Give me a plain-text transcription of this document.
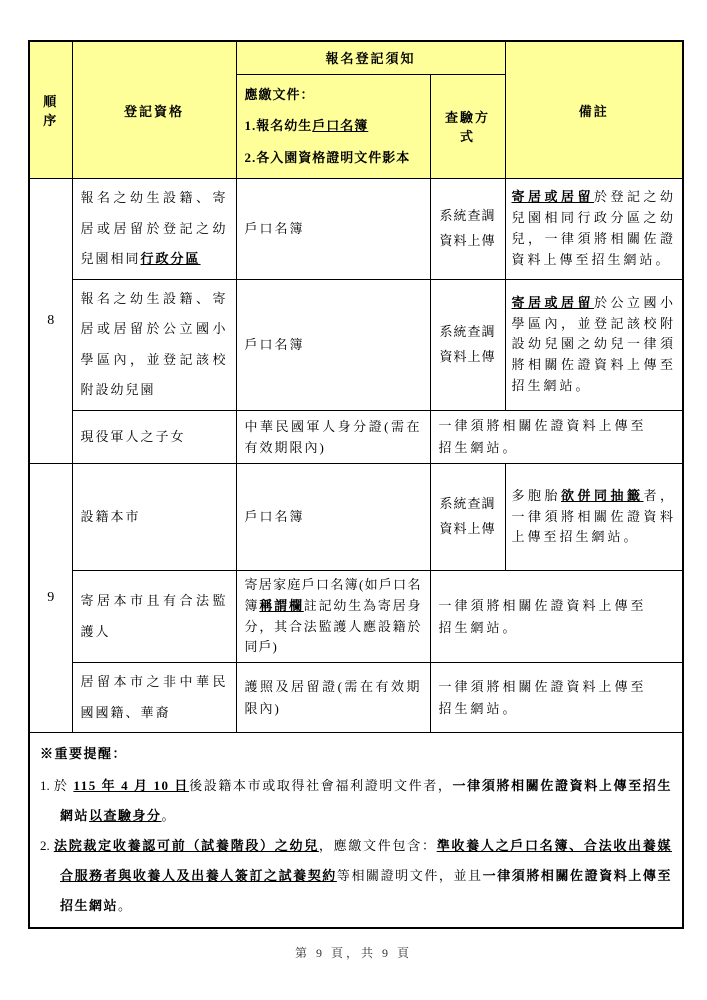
順序	登記資格	報名登記須知		備註

		應繳文件：
1.報名幼生戶口名簿
2.各入園資格證明文件影本	查驗方式	
8	報名之幼生設籍、寄居或居留於登記之幼兒園相同行政分區	戶口名簿	系統查調資料上傳	寄居或居留於登記之幼兒園相同行政分區之幼兒，一律須將相關佐證資料上傳至招生網站。
	報名之幼生設籍、寄居或居留於公立國小學區內，並登記該校附設幼兒園	戶口名簿	系統查調資料上傳	寄居或居留於公立國小學區內，並登記該校附設幼兒園之幼兒一律須將相關佐證資料上傳至招生網站。
	現役軍人之子女	中華民國軍人身分證(需在有效期限內)	一律須將相關佐證資料上傳至招生網站。	
9	設籍本市	戶口名簿	系統查調資料上傳	多胞胎欲併同抽籤者，一律須將相關佐證資料上傳至招生網站。
	寄居本市且有合法監護人	寄居家庭戶口名簿(如戶口名簿稱謂欄註記幼生為寄居身分，其合法監護人應設籍於同戶)	一律須將相關佐證資料上傳至招生網站。	
	居留本市之非中華民國國籍、華裔	護照及居留證(需在有效期限內)	一律須將相關佐證資料上傳至招生網站。	

※重要提醒：
1. 於 115 年 4 月 10 日後設籍本市或取得社會福利證明文件者，一律須將相關佐證資料上傳至招生網站以查驗身分。
2. 法院裁定收養認可前（試養階段）之幼兒，應繳文件包含：準收養人之戶口名簿、合法收出養媒合服務者與收養人及出養人簽訂之試養契約等相關證明文件，並且一律須將相關佐證資料上傳至招生網站。				
第 9 頁，共 9 頁
